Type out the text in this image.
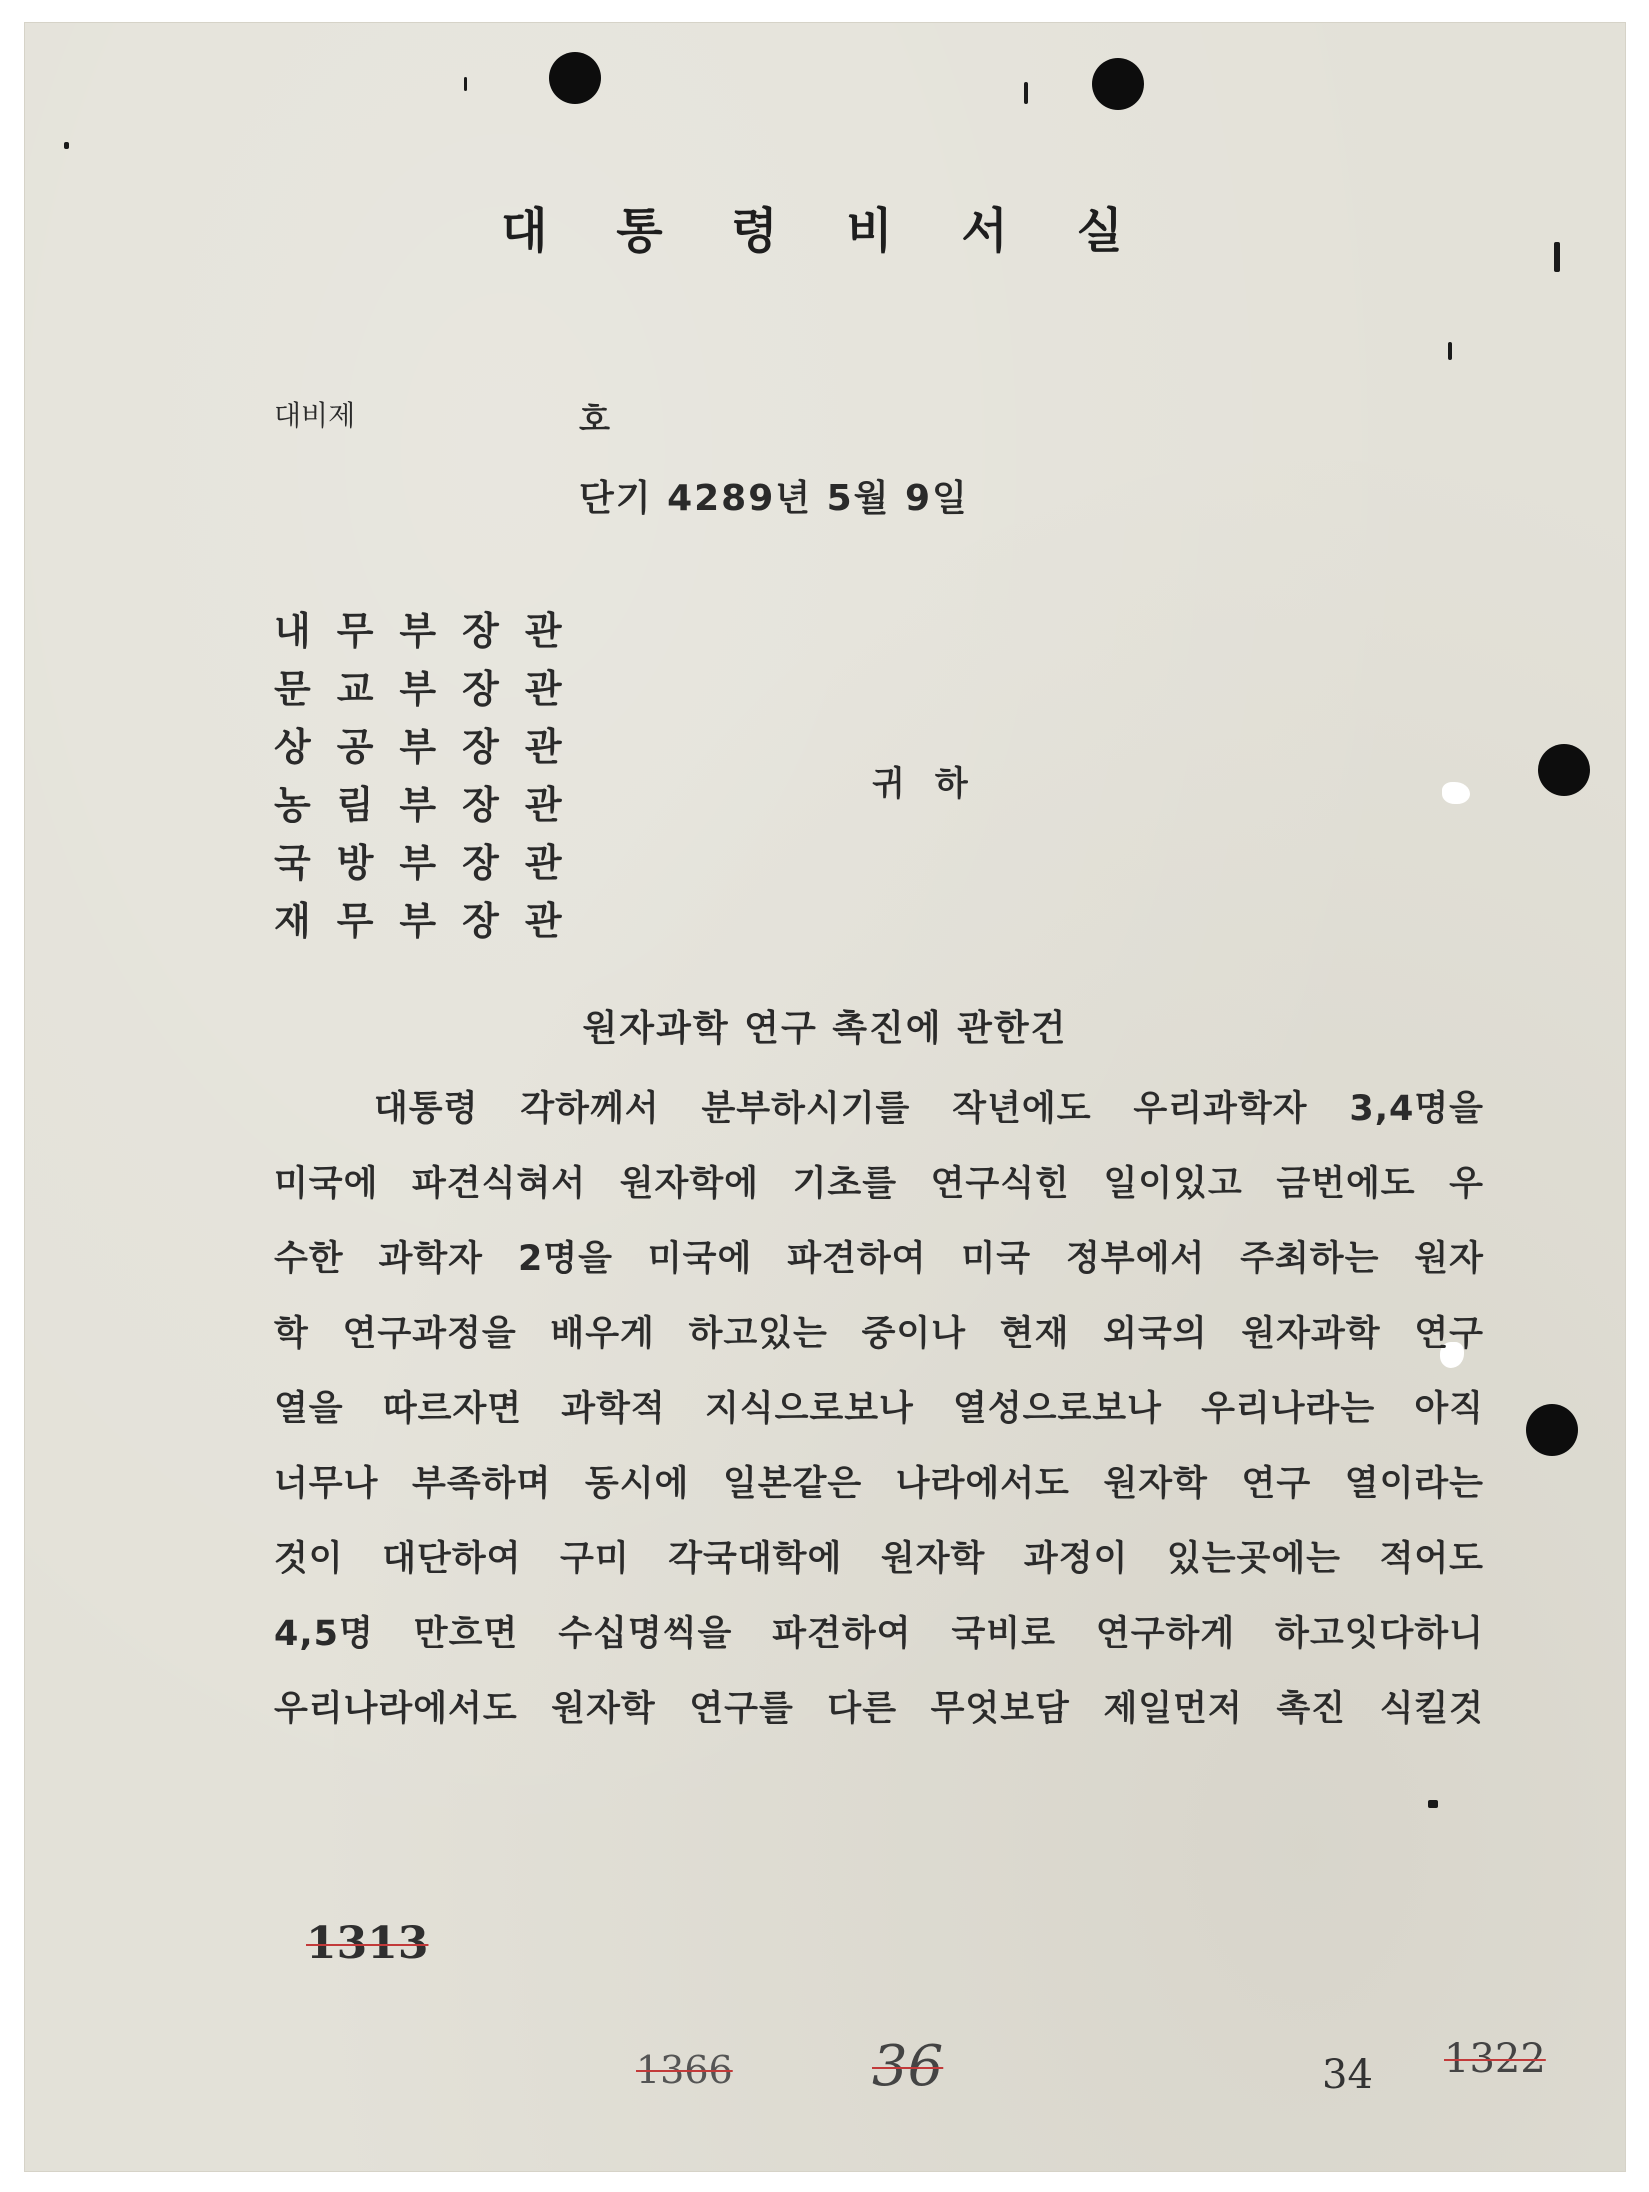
대 통 령 비 서 실
대비제	호
단기 4289년 5월 9일
내무부장관
문교부장관
상공부장관
농림부장관
국방부장관
재무부장관
귀하
원자과학 연구 촉진에 관한건
대통령 각하께서 분부하시기를 작년에도 우리과학자 3,4명을
미국에 파견식혀서 원자학에 기초를 연구식힌 일이있고 금번에도 우
수한 과학자 2명을 미국에 파견하여 미국 정부에서 주최하는 원자
학 연구과정을 배우게 하고있는 중이나 현재 외국의 원자과학 연구
열을 따르자면 과학적 지식으로보나 열성으로보나 우리나라는 아직
너무나 부족하며 동시에 일본같은 나라에서도 원자학 연구 열이라는
것이 대단하여 구미 각국대학에 원자학 과정이 있는곳에는 적어도
4,5명 만흐면 수십명씩을 파견하여 국비로 연구하게 하고잇다하니
우리나라에서도 원자학 연구를 다른 무엇보담 제일먼저 촉진 식킬것
1313
1366 36	34 1322
